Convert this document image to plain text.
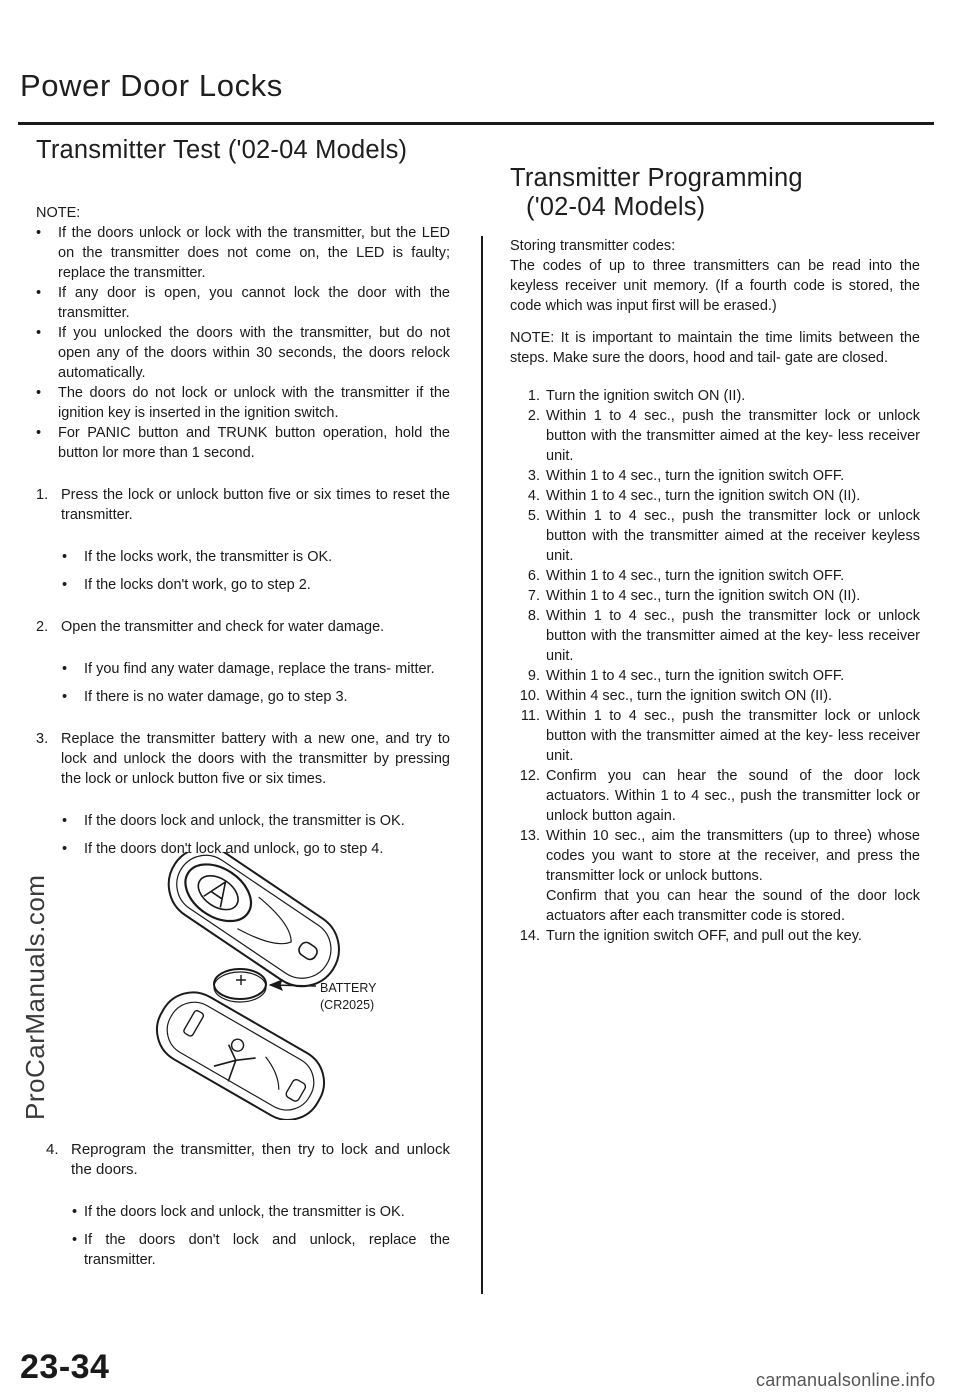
Power Door Locks
ProCarManuals.com
Transmitter Test ('02-04 Models)
NOTE:
• If the doors unlock or lock with the transmitter, but the LED on the transmitter does not come on, the LED is faulty; replace the transmitter.
• If any door is open, you cannot lock the door with the transmitter.
• If you unlocked the doors with the transmitter, but do not open any of the doors within 30 seconds, the doors relock automatically.
• The doors do not lock or unlock with the transmitter if the ignition key is inserted in the ignition switch.
• For PANIC button and TRUNK button operation, hold the button lor more than 1 second.
1. Press the lock or unlock button five or six times to reset the transmitter.
• If the locks work, the transmitter is OK.
• If the locks don't work, go to step 2.
2. Open the transmitter and check for water damage.
• If you find any water damage, replace the trans- mitter.
• If there is no water damage, go to step 3.
3. Replace the transmitter battery with a new one, and try to lock and unlock the doors with the transmitter by pressing the lock or unlock button five or six times.
• If the doors lock and unlock, the transmitter is OK.
• If the doors don't lock and unlock, go to step 4.
BATTERY
(CR2025)
4. Reprogram the transmitter, then try to lock and unlock the doors.
• If the doors lock and unlock, the transmitter is OK.
• If the doors don't lock and unlock, replace the transmitter.
Transmitter Programming
('02-04 Models)
Storing transmitter codes:
The codes of up to three transmitters can be read into the keyless receiver unit memory. (If a fourth code is stored, the code which was input first will be erased.)
NOTE: It is important to maintain the time limits between the steps. Make sure the doors, hood and tail- gate are closed.
1. Turn the ignition switch ON (II).
2. Within 1 to 4 sec., push the transmitter lock or unlock button with the transmitter aimed at the key- less receiver unit.
3. Within 1 to 4 sec., turn the ignition switch OFF.
4. Within 1 to 4 sec., turn the ignition switch ON (II).
5. Within 1 to 4 sec., push the transmitter lock or unlock button with the transmitter aimed at the receiver keyless unit.
6. Within 1 to 4 sec., turn the ignition switch OFF.
7. Within 1 to 4 sec., turn the ignition switch ON (II).
8. Within 1 to 4 sec., push the transmitter lock or unlock button with the transmitter aimed at the key- less receiver unit.
9. Within 1 to 4 sec., turn the ignition switch OFF.
10. Within 4 sec., turn the ignition switch ON (II).
11. Within 1 to 4 sec., push the transmitter lock or unlock button with the transmitter aimed at the key- less receiver unit.
12. Confirm you can hear the sound of the door lock actuators. Within 1 to 4 sec., push the transmitter lock or unlock button again.
13. Within 10 sec., aim the transmitters (up to three) whose codes you want to store at the receiver, and press the transmitter lock or unlock buttons.
Confirm that you can hear the sound of the door lock actuators after each transmitter code is stored.
14. Turn the ignition switch OFF, and pull out the key.
23-34	carmanualsonline.info
